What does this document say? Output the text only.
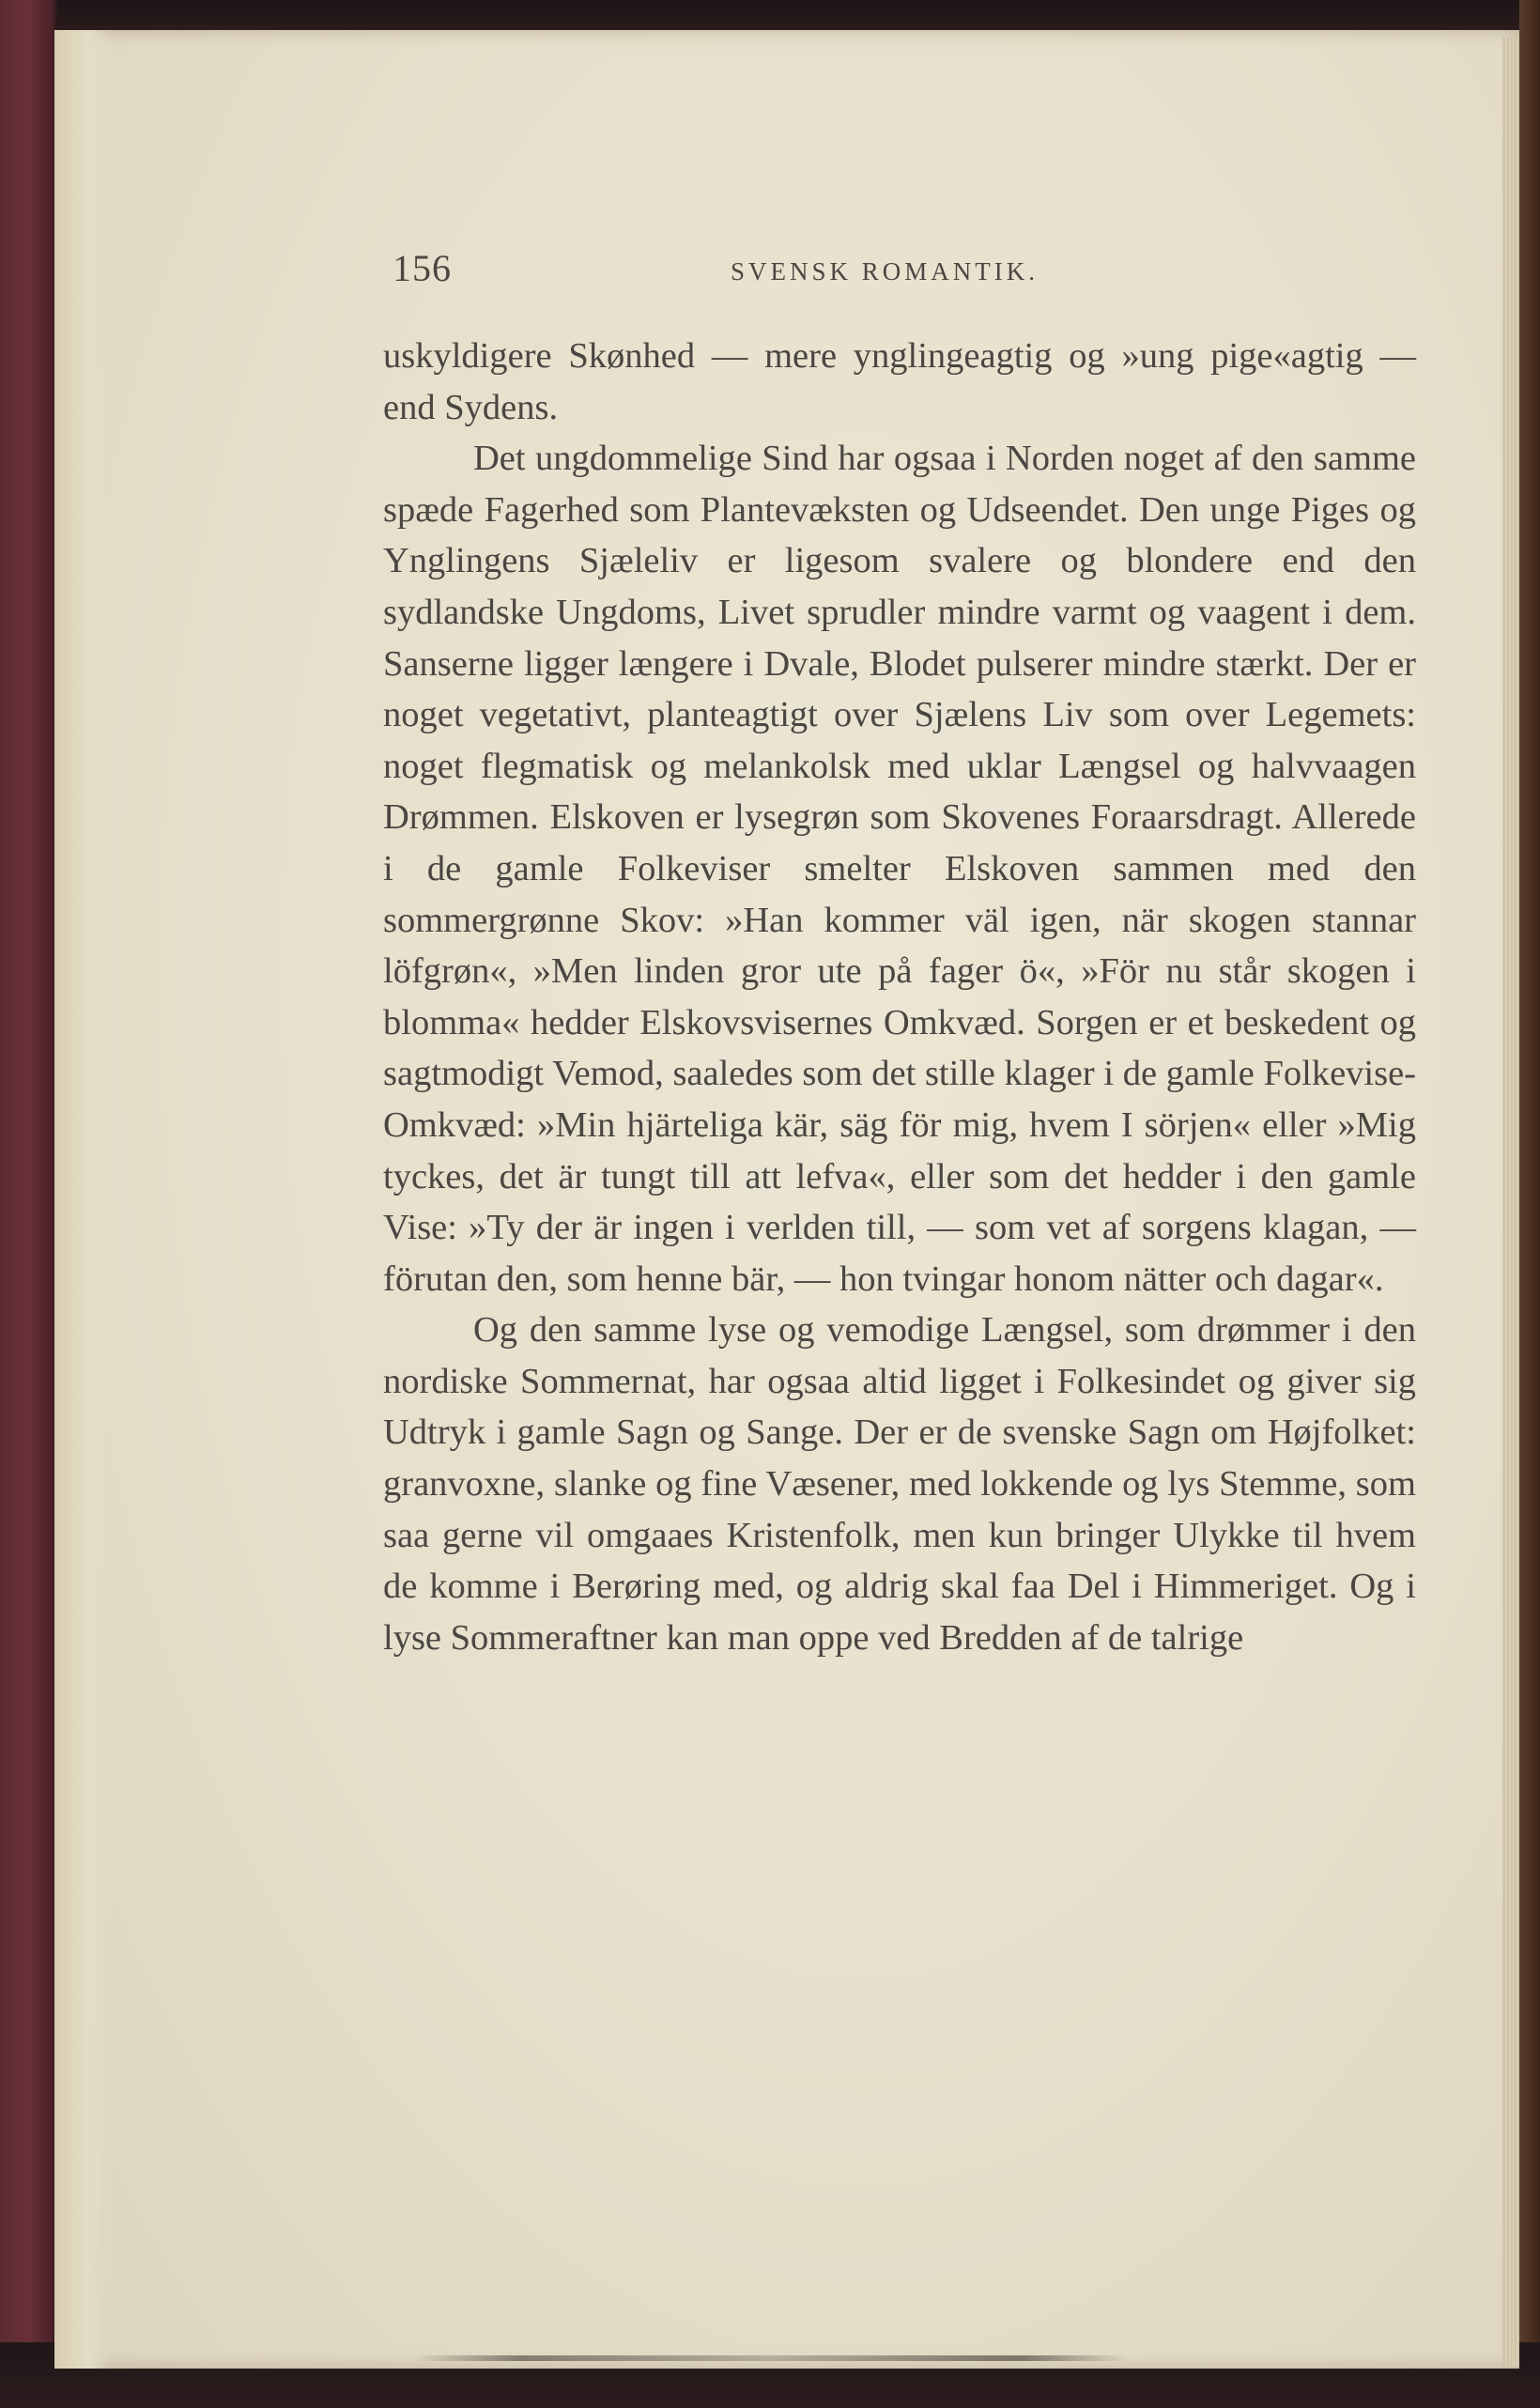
156	SVENSK ROMANTIK.

uskyldigere Skønhed — mere ynglingeagtig og »ung pige«agtig — end Sydens.

Det ungdommelige Sind har ogsaa i Norden noget af den samme spæde Fagerhed som Plantevæksten og Udseendet. Den unge Piges og Ynglingens Sjæleliv er ligesom svalere og blondere end den sydlandske Ungdoms, Livet sprudler mindre varmt og vaagent i dem. Sanserne ligger længere i Dvale, Blodet pulserer mindre stærkt. Der er noget vegetativt, planteagtigt over Sjælens Liv som over Legemets: noget flegmatisk og melankolsk med uklar Længsel og halvvaagen Drømmen. Elskoven er lysegrøn som Skovenes Foraarsdragt. Allerede i de gamle Folkeviser smelter Elskoven sammen med den sommergrønne Skov: »Han kommer väl igen, när skogen stannar löfgrøn«, »Men linden gror ute på fager ö«, »För nu står skogen i blomma« hedder Elskovsvisernes Omkvæd. Sorgen er et beskedent og sagtmodigt Vemod, saaledes som det stille klager i de gamle Folkevise-Omkvæd: »Min hjärteliga kär, säg för mig, hvem I sörjen« eller »Mig tyckes, det är tungt till att lefva«, eller som det hedder i den gamle Vise: »Ty der är ingen i verlden till, — som vet af sorgens klagan, — förutan den, som henne bär, — hon tvingar honom nätter och dagar«.

Og den samme lyse og vemodige Længsel, som drømmer i den nordiske Sommernat, har ogsaa altid ligget i Folkesindet og giver sig Udtryk i gamle Sagn og Sange. Der er de svenske Sagn om Højfolket: granvoxne, slanke og fine Væsener, med lokkende og lys Stemme, som saa gerne vil omgaaes Kristenfolk, men kun bringer Ulykke til hvem de komme i Berøring med, og aldrig skal faa Del i Himmeriget. Og i lyse Sommeraftner kan man oppe ved Bredden af de talrige
